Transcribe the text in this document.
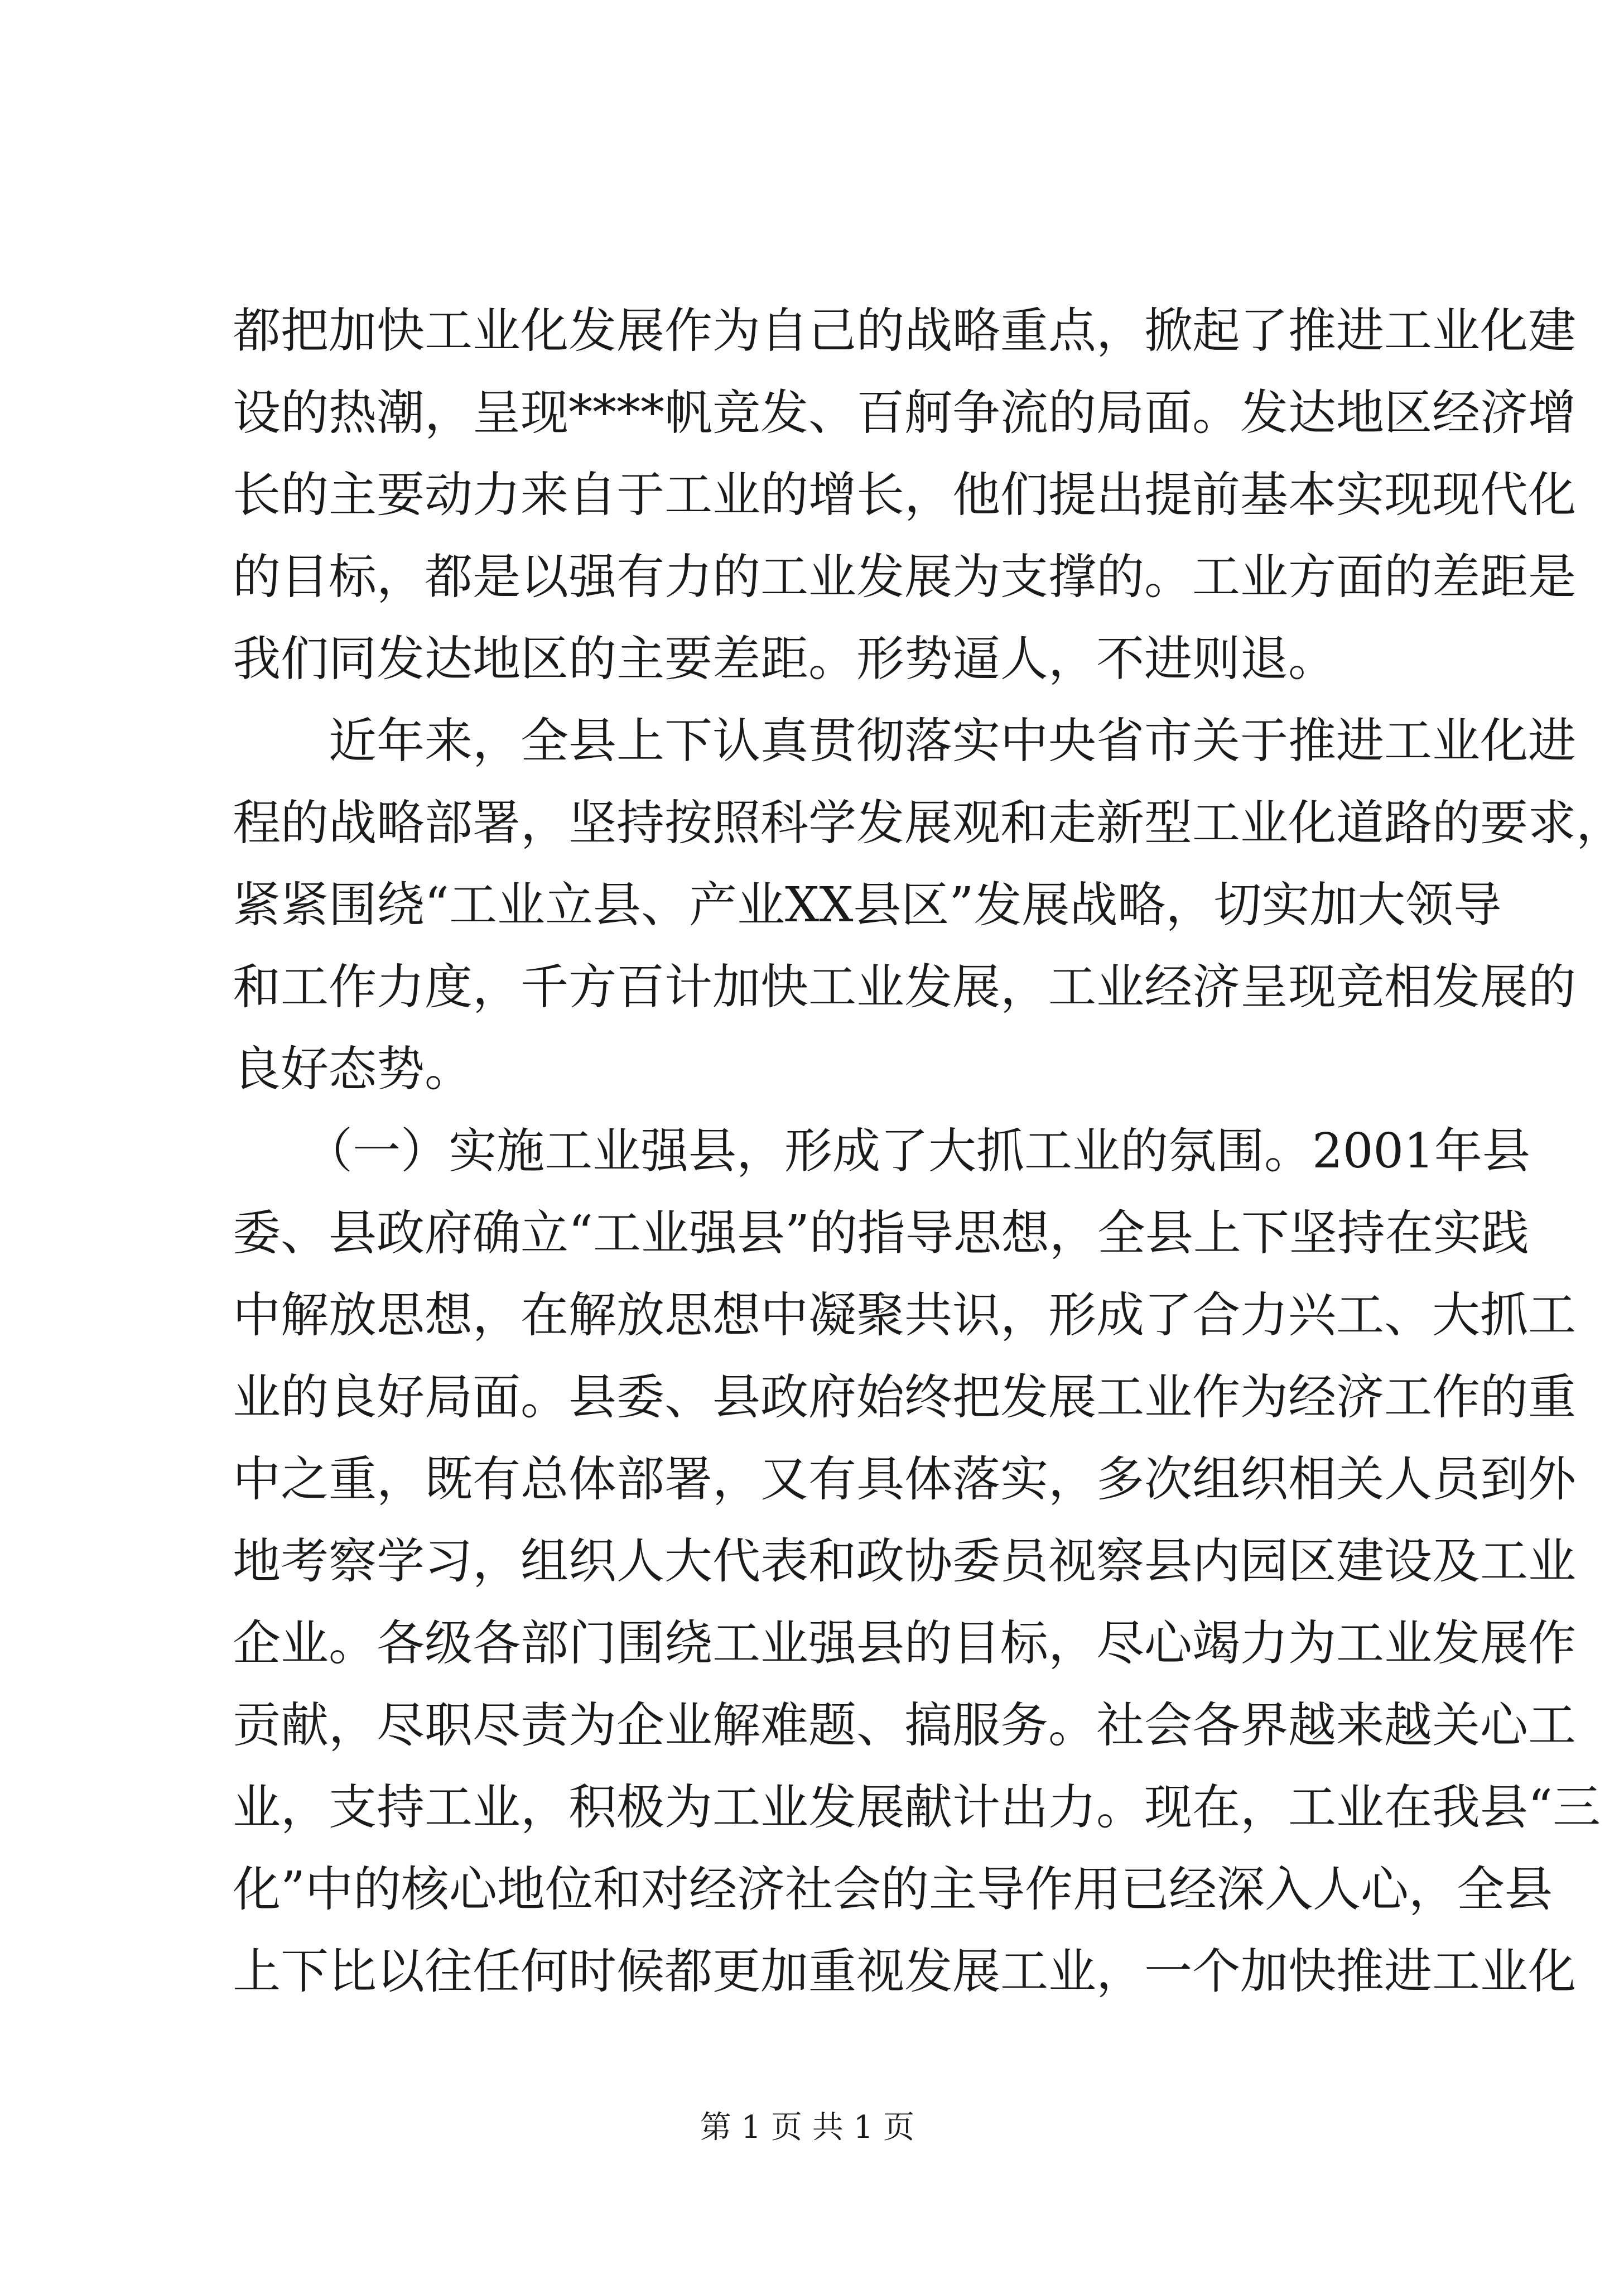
都把加快工业化发展作为自己的战略重点，掀起了推进工业化建
设的热潮，呈现****帆竞发、百舸争流的局面。发达地区经济增
长的主要动力来自于工业的增长，他们提出提前基本实现现代化
的目标，都是以强有力的工业发展为支撑的。工业方面的差距是
我们同发达地区的主要差距。形势逼人，不进则退。
　　近年来，全县上下认真贯彻落实中央省市关于推进工业化进
程的战略部署，坚持按照科学发展观和走新型工业化道路的要求，
紧紧围绕“工业立县、产业XX县区”发展战略，切实加大领导
和工作力度，千方百计加快工业发展，工业经济呈现竞相发展的
良好态势。
　　（一）实施工业强县，形成了大抓工业的氛围。2001年县
委、县政府确立“工业强县”的指导思想，全县上下坚持在实践
中解放思想，在解放思想中凝聚共识，形成了合力兴工、大抓工
业的良好局面。县委、县政府始终把发展工业作为经济工作的重
中之重，既有总体部署，又有具体落实，多次组织相关人员到外
地考察学习，组织人大代表和政协委员视察县内园区建设及工业
企业。各级各部门围绕工业强县的目标，尽心竭力为工业发展作
贡献，尽职尽责为企业解难题、搞服务。社会各界越来越关心工
业，支持工业，积极为工业发展献计出力。现在，工业在我县“三
化”中的核心地位和对经济社会的主导作用已经深入人心，全县
上下比以往任何时候都更加重视发展工业，一个加快推进工业化
第 1 页 共 1 页
